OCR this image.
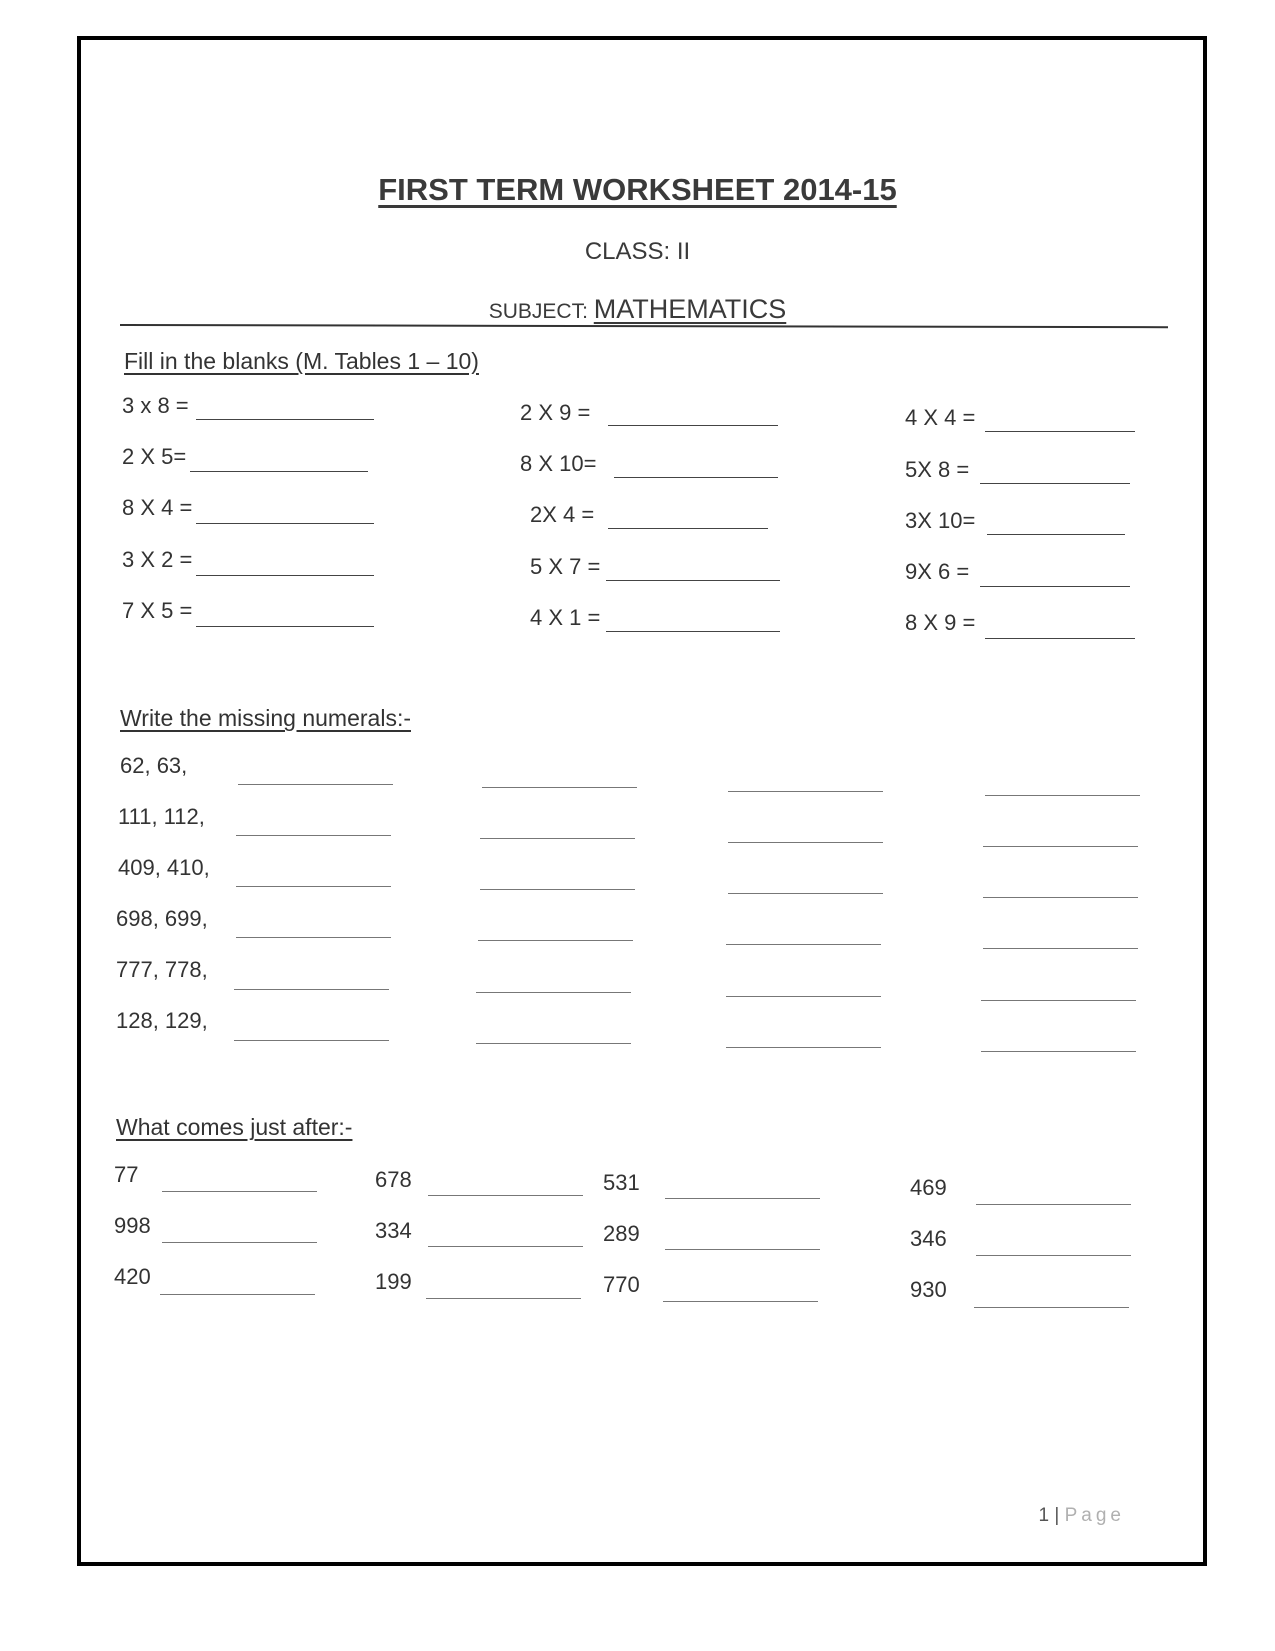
FIRST TERM WORKSHEET 2014-15
CLASS: II
SUBJECT: MATHEMATICS
Fill in the blanks (M. Tables 1 – 10)
3 x 8 =	2 X 9 =	4 X 4 =
2 X 5=	8 X 10=	5X 8 =
8 X 4 =	2X 4 =	3X 10=
3 X 2 =	5 X 7 =	9X 6 =
7 X 5 =	4 X 1 =	8 X 9 =
Write the missing numerals:-
62, 63,
111, 112,
409, 410,
698, 699,
777, 778,
128, 129,
What comes just after:-
77	678	531	469
998	334	289	346
420	199	770	930
1 | Page
